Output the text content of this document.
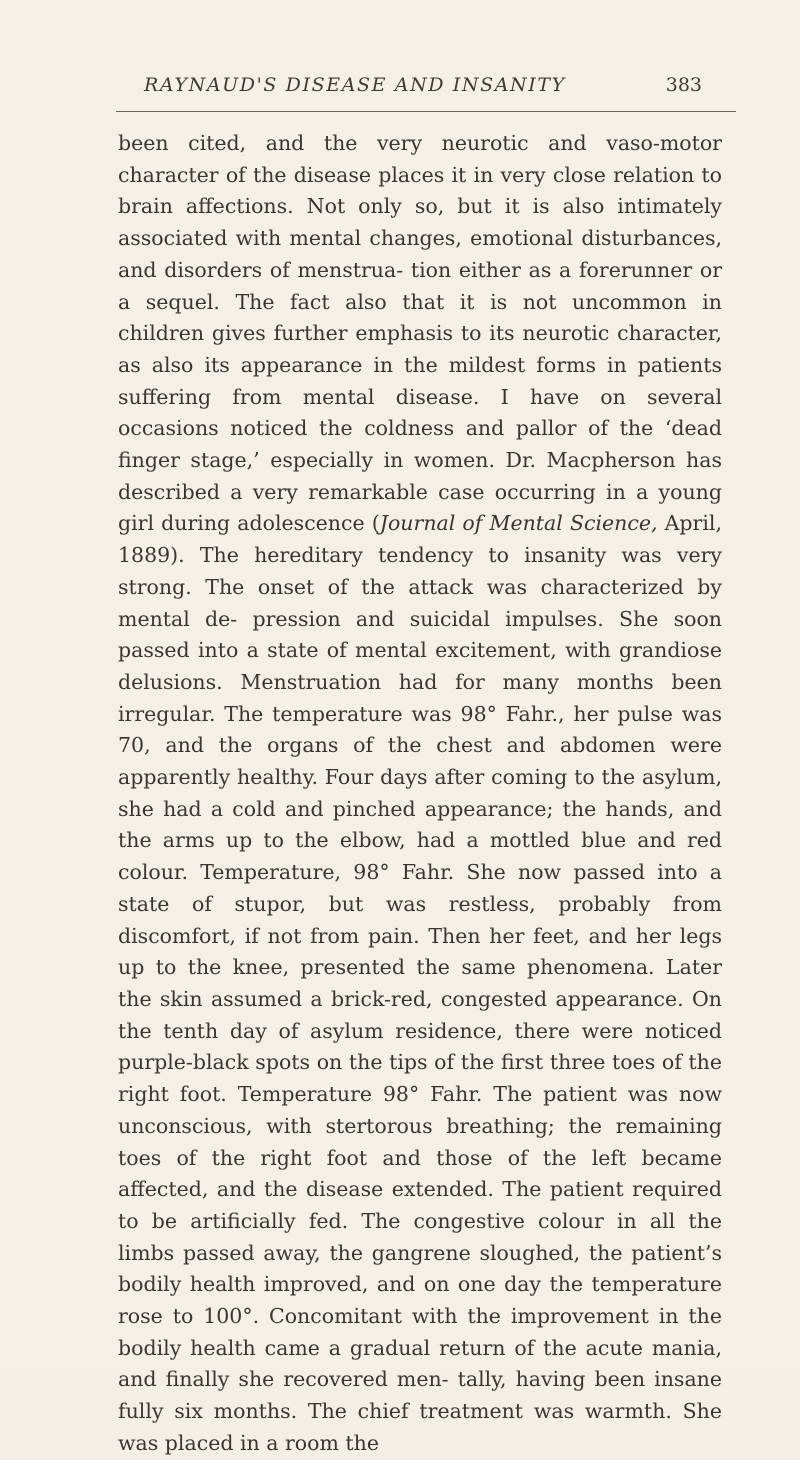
RAYNAUD'S DISEASE AND INSANITY	383

been cited, and the very neurotic and vaso-motor character of the disease places it in very close relation to brain affections. Not only so, but it is also intimately associated with mental changes, emotional disturbances, and disorders of menstrua- tion either as a forerunner or a sequel. The fact also that it is not uncommon in children gives further emphasis to its neurotic character, as also its appearance in the mildest forms in patients suffering from mental disease. I have on several occasions noticed the coldness and pallor of the ‘dead finger stage,’ especially in women. Dr. Macpherson has described a very remarkable case occurring in a young girl during adolescence (Journal of Mental Science, April, 1889). The hereditary tendency to insanity was very strong. The onset of the attack was characterized by mental de- pression and suicidal impulses. She soon passed into a state of mental excitement, with grandiose delusions. Menstruation had for many months been irregular. The temperature was 98° Fahr., her pulse was 70, and the organs of the chest and abdomen were apparently healthy. Four days after coming to the asylum, she had a cold and pinched appearance; the hands, and the arms up to the elbow, had a mottled blue and red colour. Temperature, 98° Fahr. She now passed into a state of stupor, but was restless, probably from discomfort, if not from pain. Then her feet, and her legs up to the knee, presented the same phenomena. Later the skin assumed a brick-red, congested appearance. On the tenth day of asylum residence, there were noticed purple-black spots on the tips of the first three toes of the right foot. Temperature 98° Fahr. The patient was now unconscious, with stertorous breathing; the remaining toes of the right foot and those of the left became affected, and the disease extended. The patient required to be artificially fed. The congestive colour in all the limbs passed away, the gangrene sloughed, the patient’s bodily health improved, and on one day the temperature rose to 100°. Concomitant with the improvement in the bodily health came a gradual return of the acute mania, and finally she recovered men- tally, having been insane fully six months. The chief treatment was warmth. She was placed in a room the
